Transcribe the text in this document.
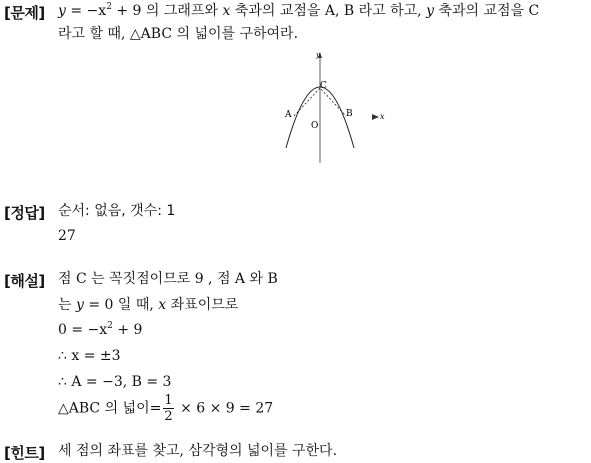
[문제] $y = -x^2 + 9$ 의 그래프와 x 축과의 교점을 A, B 라고 하고, y 축과의 교점을 C
라고 할 때, △ABC 의 넓이를 구하여라.
y
x
C
A	B
O
[정답] 순서: 없음, 갯수: 1
27
[해설] 점 C 는 꼭짓점이므로 9 , 점 A 와 B
는 y = 0 일 때, x 좌표이므로
$0 = -x^2 + 9$
∴ x = ±3
∴ A = −3, B = 3
△ABC 의 넓이= $\frac{1}{2} \times 6 \times 9 = 27$
[힌트] 세 점의 좌표를 찾고, 삼각형의 넓이를 구한다.
